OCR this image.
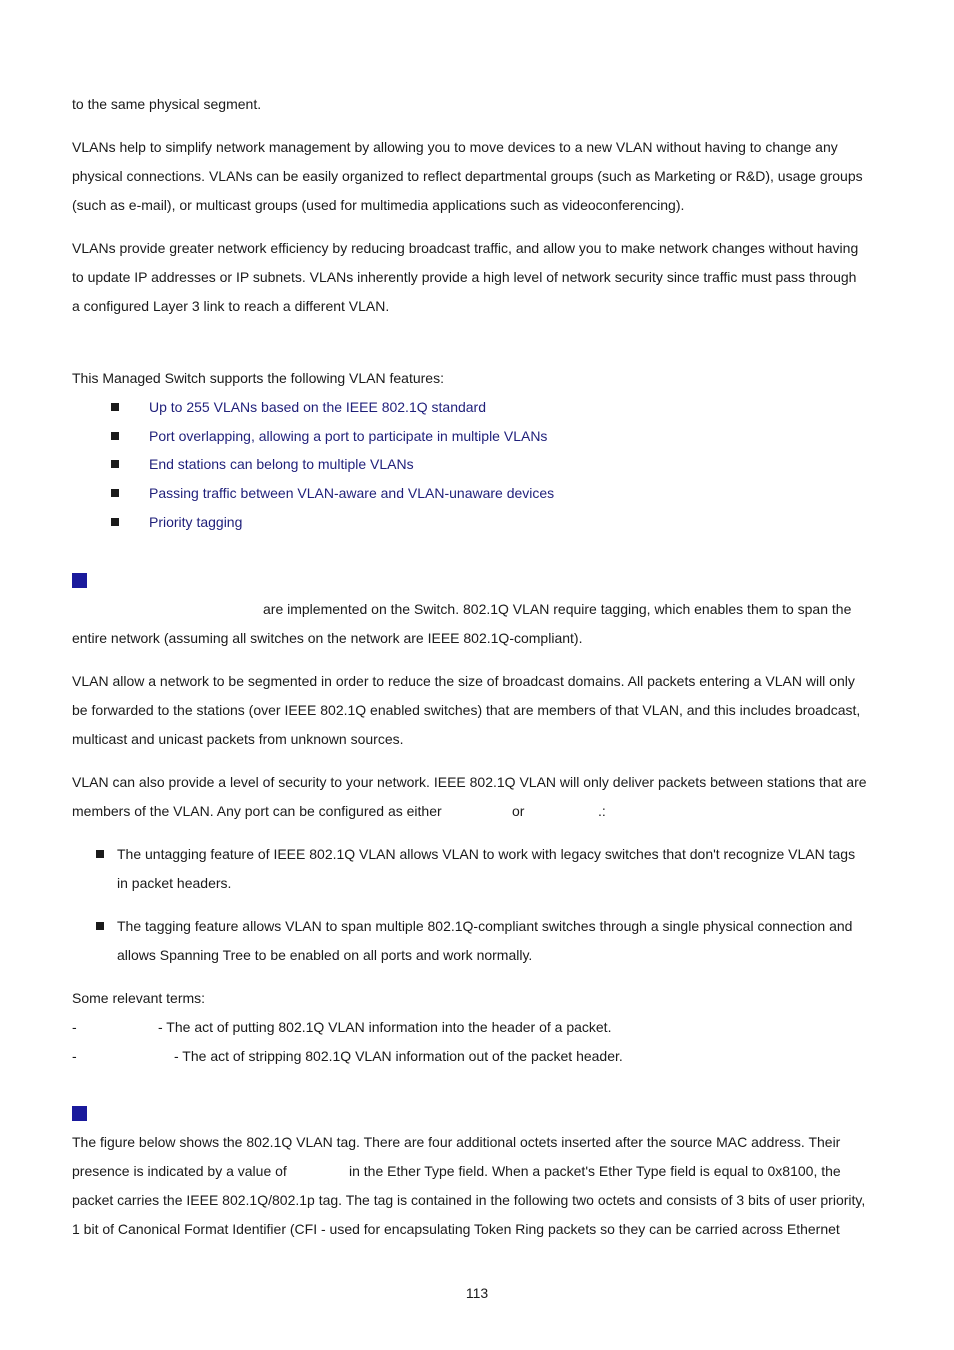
to the same physical segment.
VLANs help to simplify network management by allowing you to move devices to a new VLAN without having to change any
physical connections. VLANs can be easily organized to reflect departmental groups (such as Marketing or R&D), usage groups
(such as e-mail), or multicast groups (used for multimedia applications such as videoconferencing).
VLANs provide greater network efficiency by reducing broadcast traffic, and allow you to make network changes without having
to update IP addresses or IP subnets. VLANs inherently provide a high level of network security since traffic must pass through
a configured Layer 3 link to reach a different VLAN.
This Managed Switch supports the following VLAN features:
Up to 255 VLANs based on the IEEE 802.1Q standard
Port overlapping, allowing a port to participate in multiple VLANs
End stations can belong to multiple VLANs
Passing traffic between VLAN-aware and VLAN-unaware devices
Priority tagging
are implemented on the Switch. 802.1Q VLAN require tagging, which enables them to span the
entire network (assuming all switches on the network are IEEE 802.1Q-compliant).
VLAN allow a network to be segmented in order to reduce the size of broadcast domains. All packets entering a VLAN will only
be forwarded to the stations (over IEEE 802.1Q enabled switches) that are members of that VLAN, and this includes broadcast,
multicast and unicast packets from unknown sources.
VLAN can also provide a level of security to your network. IEEE 802.1Q VLAN will only deliver packets between stations that are
members of the VLAN. Any port can be configured as either	or	.:
The untagging feature of IEEE 802.1Q VLAN allows VLAN to work with legacy switches that don't recognize VLAN tags
in packet headers.
The tagging feature allows VLAN to span multiple 802.1Q-compliant switches through a single physical connection and
allows Spanning Tree to be enabled on all ports and work normally.
Some relevant terms:
-	- The act of putting 802.1Q VLAN information into the header of a packet.
-	- The act of stripping 802.1Q VLAN information out of the packet header.
The figure below shows the 802.1Q VLAN tag. There are four additional octets inserted after the source MAC address. Their
presence is indicated by a value of	in the Ether Type field. When a packet's Ether Type field is equal to 0x8100, the
packet carries the IEEE 802.1Q/802.1p tag. The tag is contained in the following two octets and consists of 3 bits of user priority,
1 bit of Canonical Format Identifier (CFI - used for encapsulating Token Ring packets so they can be carried across Ethernet
113
